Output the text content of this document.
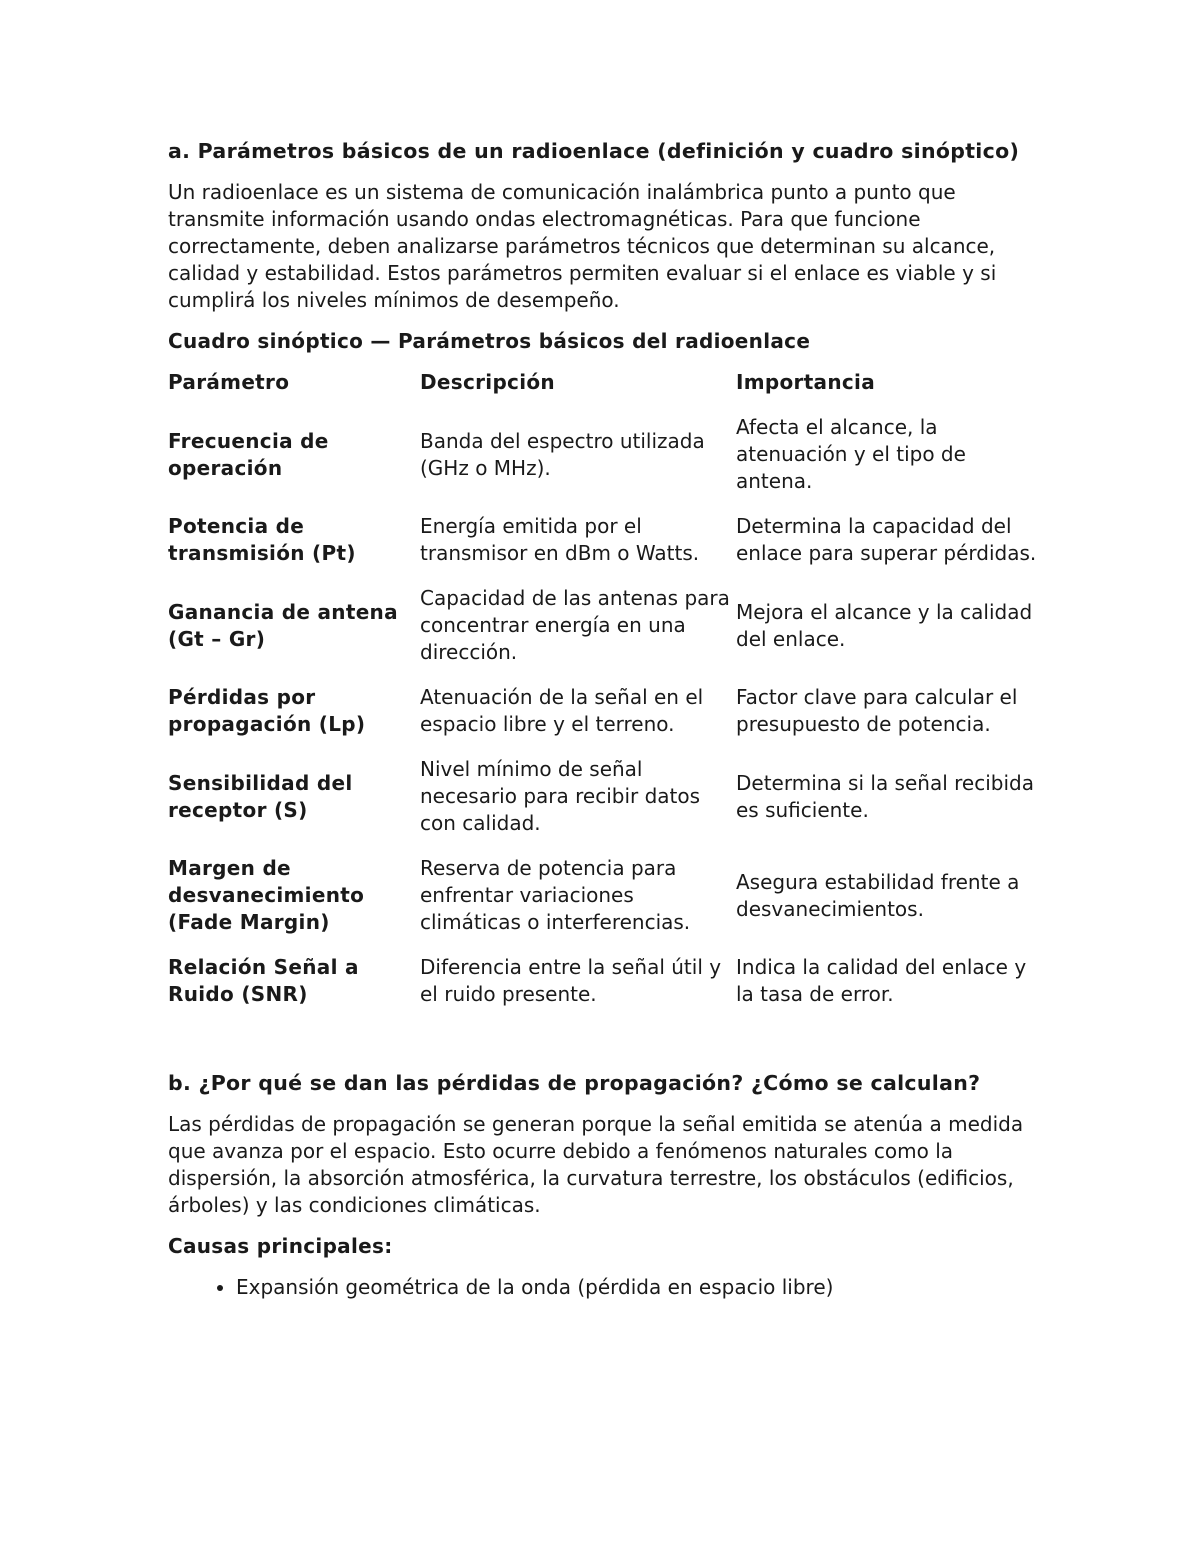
a. Parámetros básicos de un radioenlace (definición y cuadro sinóptico)

Un radioenlace es un sistema de comunicación inalámbrica punto a punto que transmite información usando ondas electromagnéticas. Para que funcione correctamente, deben analizarse parámetros técnicos que determinan su alcance, calidad y estabilidad. Estos parámetros permiten evaluar si el enlace es viable y si cumplirá los niveles mínimos de desempeño.

Cuadro sinóptico — Parámetros básicos del radioenlace
Parámetro	Descripción	Importancia
Frecuencia de operación	Banda del espectro utilizada (GHz o MHz).	Afecta el alcance, la atenuación y el tipo de antena.
Potencia de transmisión (Pt)	Energía emitida por el transmisor en dBm o Watts.	Determina la capacidad del enlace para superar pérdidas.
Ganancia de antena (Gt – Gr)	Capacidad de las antenas para concentrar energía en una dirección.	Mejora el alcance y la calidad del enlace.
Pérdidas por propagación (Lp)	Atenuación de la señal en el espacio libre y el terreno.	Factor clave para calcular el presupuesto de potencia.
Sensibilidad del receptor (S)	Nivel mínimo de señal necesario para recibir datos con calidad.	Determina si la señal recibida es suficiente.
Margen de desvanecimiento (Fade Margin)	Reserva de potencia para enfrentar variaciones climáticas o interferencias.	Asegura estabilidad frente a desvanecimientos.
Relación Señal a Ruido (SNR)	Diferencia entre la señal útil y el ruido presente.	Indica la calidad del enlace y la tasa de error.
b. ¿Por qué se dan las pérdidas de propagación? ¿Cómo se calculan?

Las pérdidas de propagación se generan porque la señal emitida se atenúa a medida que avanza por el espacio. Esto ocurre debido a fenómenos naturales como la dispersión, la absorción atmosférica, la curvatura terrestre, los obstáculos (edificios, árboles) y las condiciones climáticas.

Causas principales:
• Expansión geométrica de la onda (pérdida en espacio libre)
